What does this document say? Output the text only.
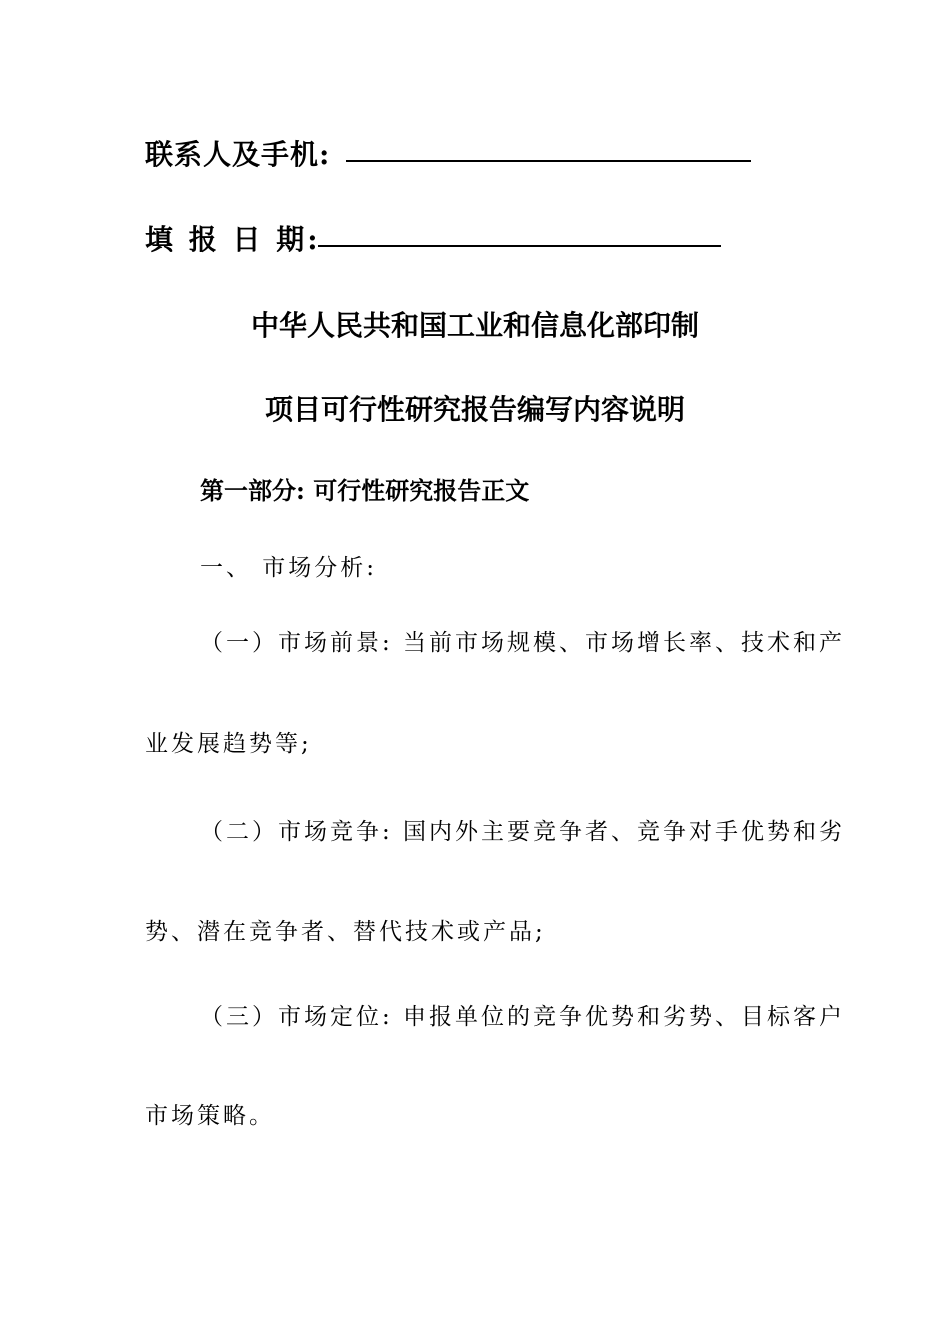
联系人及手机:
填 报 日 期:
中华人民共和国工业和信息化部印制
项目可行性研究报告编写内容说明
第一部分: 可行性研究报告正文
一、 市场分析:
（一）市场前景: 当前市场规模、市场增长率、技术和产
业发展趋势等;
（二）市场竞争: 国内外主要竞争者、竞争对手优势和劣
势、潜在竞争者、替代技术或产品;
（三）市场定位: 申报单位的竞争优势和劣势、目标客户
市场策略。
